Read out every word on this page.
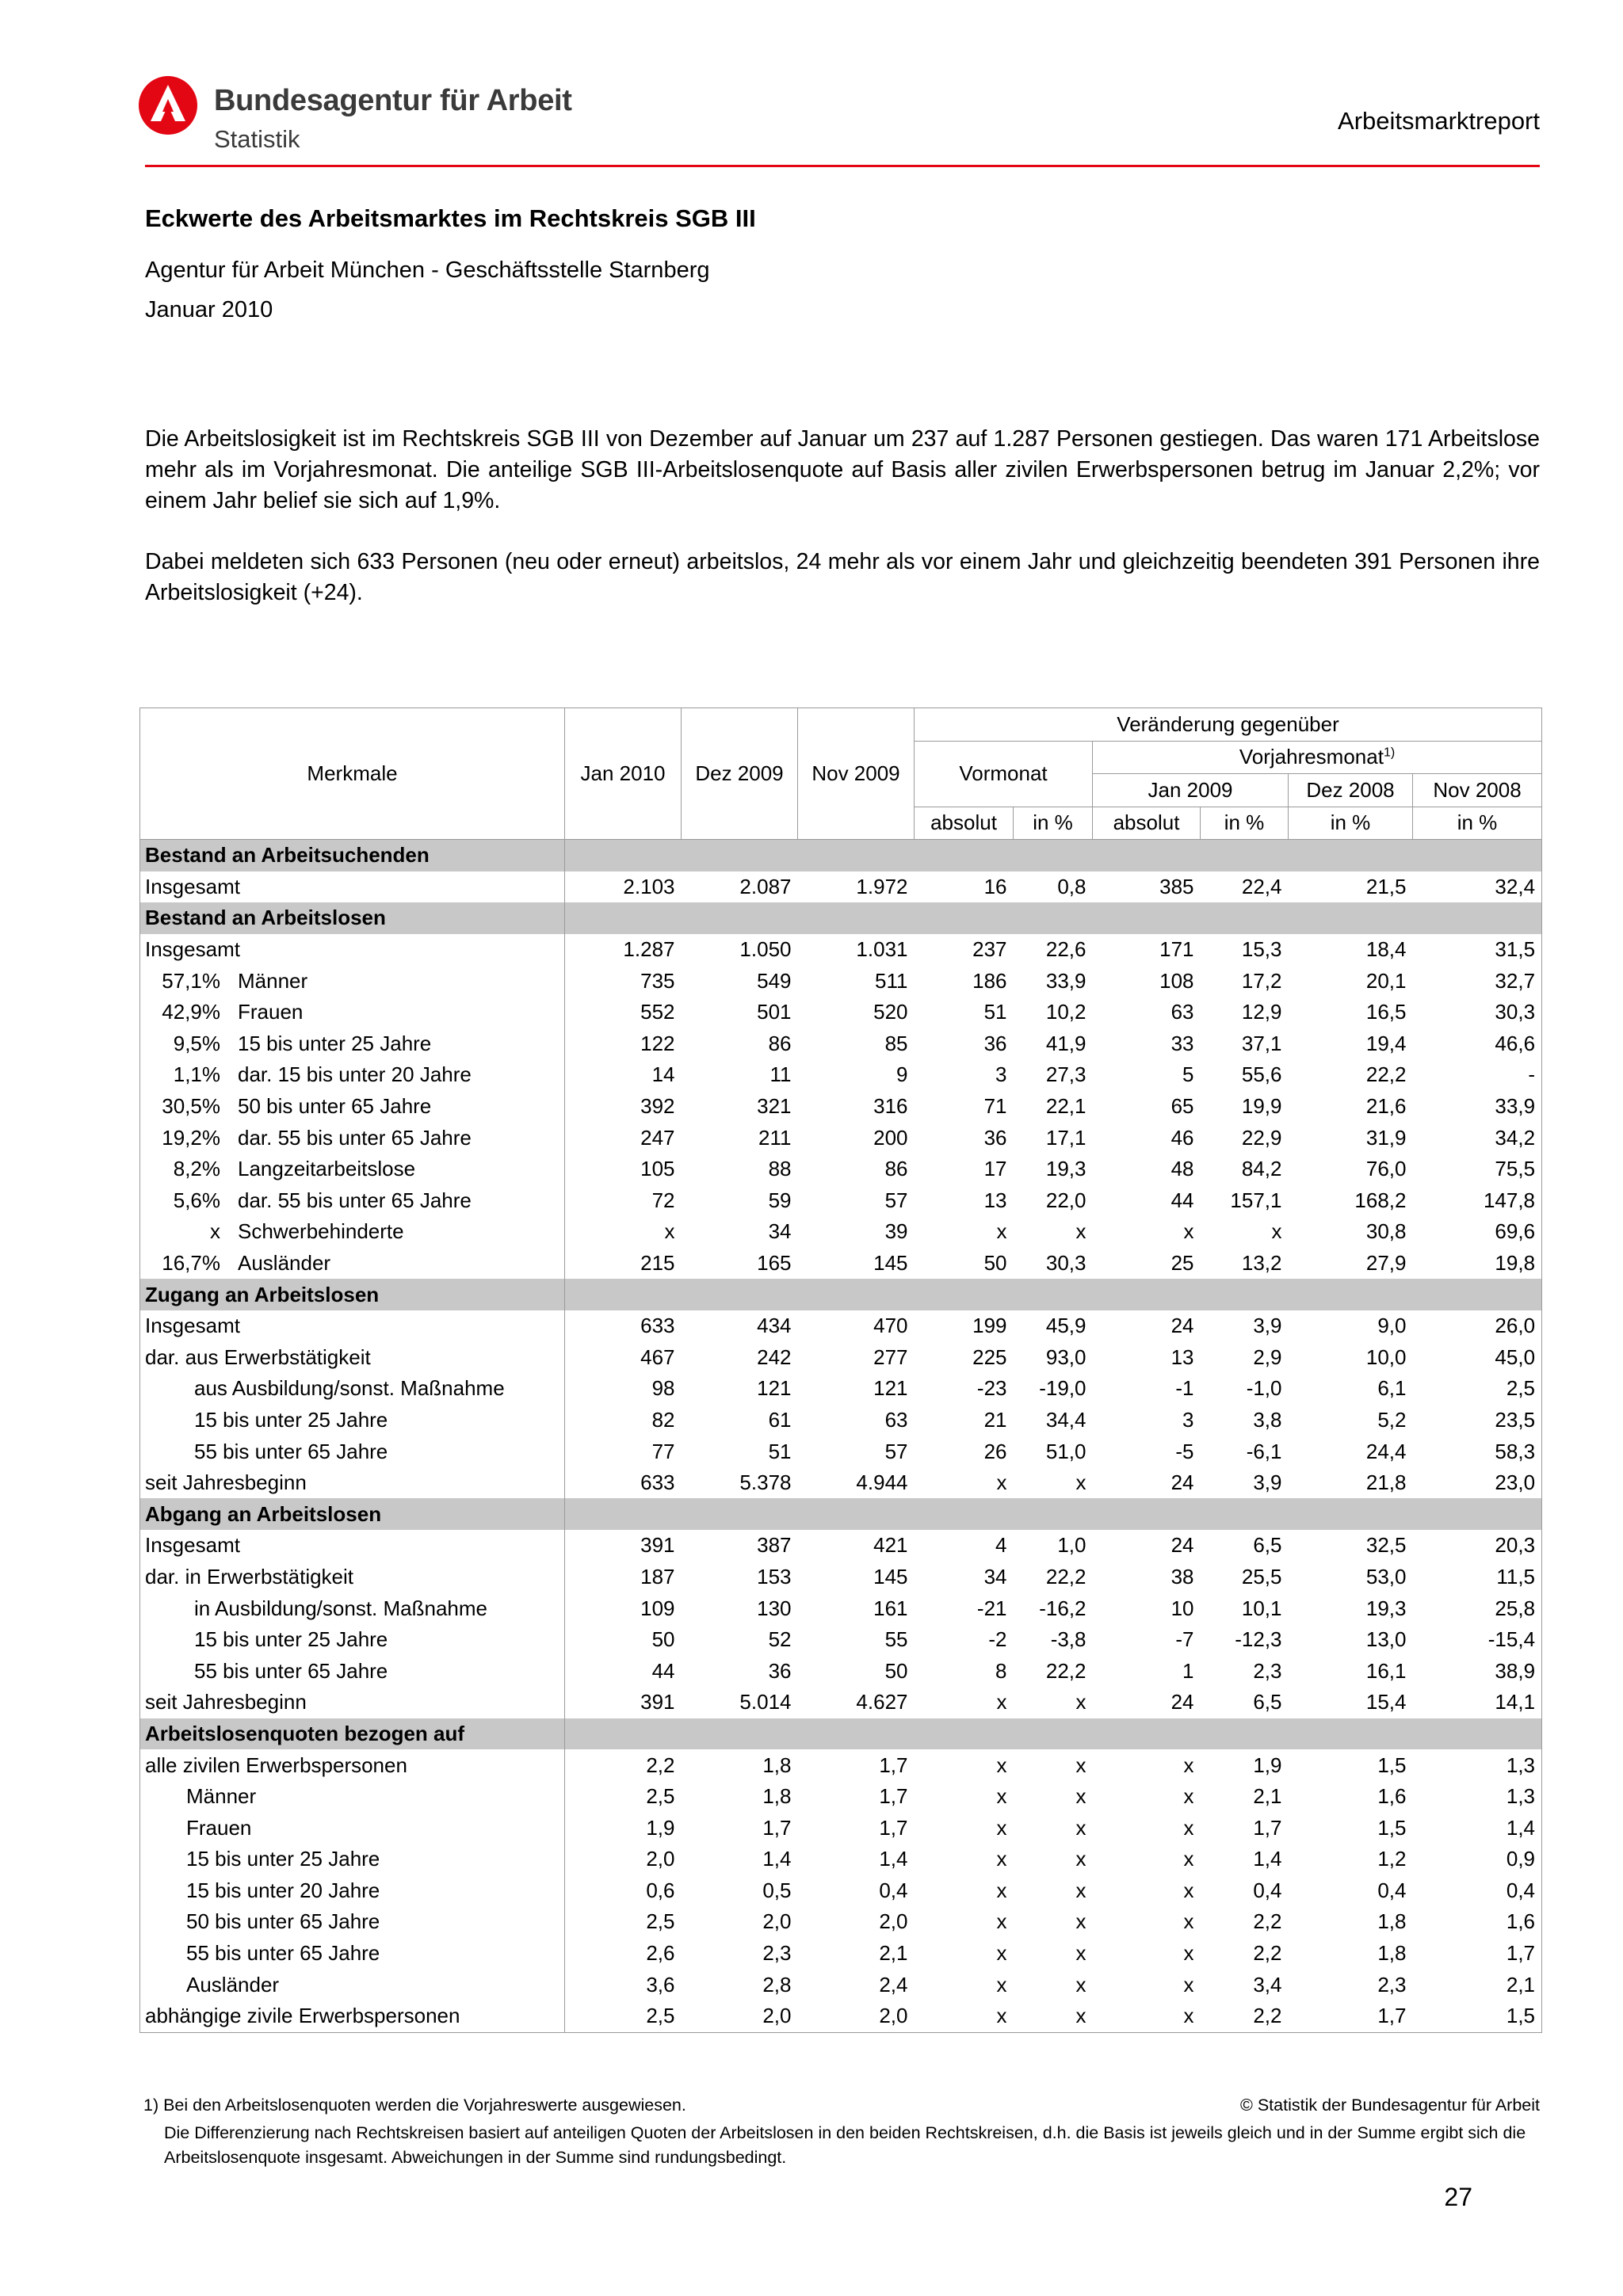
Bundesagentur für Arbeit
Statistik
Arbeitsmarktreport
Eckwerte des Arbeitsmarktes im Rechtskreis SGB III
Agentur für Arbeit München - Geschäftsstelle Starnberg
Januar 2010
Die Arbeitslosigkeit ist im Rechtskreis SGB III von Dezember auf Januar um 237 auf 1.287 Personen gestiegen. Das waren 171 Arbeitslose mehr als im Vorjahresmonat. Die anteilige SGB III-Arbeitslosenquote auf Basis aller zivilen Erwerbspersonen betrug im Januar 2,2%; vor einem Jahr belief sie sich auf 1,9%.
Dabei meldeten sich 633 Personen (neu oder erneut) arbeitslos, 24 mehr als vor einem Jahr und gleichzeitig beendeten 391 Personen ihre Arbeitslosigkeit (+24).
Merkmale	Jan 2010	Dez 2009	Nov 2009	Veränderung gegenüber					
				Vormonat		Vorjahresmonat$^{1)}$
						Jan 2009		Dez 2008	Nov 2008
				absolut	in %	absolut	in %	in %	in %
Bestand an Arbeitsuchenden									
Insgesamt	2.103	2.087	1.972	16	0,8	385	22,4	21,5	32,4
Bestand an Arbeitslosen									
Insgesamt	1.287	1.050	1.031	237	22,6	171	15,3	18,4	31,5
57,1% Männer	735	549	511	186	33,9	108	17,2	20,1	32,7
42,9% Frauen	552	501	520	51	10,2	63	12,9	16,5	30,3
9,5% 15 bis unter 25 Jahre	122	86	85	36	41,9	33	37,1	19,4	46,6
1,1% dar. 15 bis unter 20 Jahre	14	11	9	3	27,3	5	55,6	22,2	-
30,5% 50 bis unter 65 Jahre	392	321	316	71	22,1	65	19,9	21,6	33,9
19,2% dar. 55 bis unter 65 Jahre	247	211	200	36	17,1	46	22,9	31,9	34,2
8,2% Langzeitarbeitslose	105	88	86	17	19,3	48	84,2	76,0	75,5
5,6% dar. 55 bis unter 65 Jahre	72	59	57	13	22,0	44	157,1	168,2	147,8
x Schwerbehinderte	x	34	39	x	x	x	x	30,8	69,6
16,7% Ausländer	215	165	145	50	30,3	25	13,2	27,9	19,8
Zugang an Arbeitslosen									
Insgesamt	633	434	470	199	45,9	24	3,9	9,0	26,0
dar. aus Erwerbstätigkeit	467	242	277	225	93,0	13	2,9	10,0	45,0
aus Ausbildung/sonst. Maßnahme	98	121	121	-23	-19,0	-1	-1,0	6,1	2,5
15 bis unter 25 Jahre	82	61	63	21	34,4	3	3,8	5,2	23,5
55 bis unter 65 Jahre	77	51	57	26	51,0	-5	-6,1	24,4	58,3
seit Jahresbeginn	633	5.378	4.944	x	x	24	3,9	21,8	23,0
Abgang an Arbeitslosen									
Insgesamt	391	387	421	4	1,0	24	6,5	32,5	20,3
dar. in Erwerbstätigkeit	187	153	145	34	22,2	38	25,5	53,0	11,5
in Ausbildung/sonst. Maßnahme	109	130	161	-21	-16,2	10	10,1	19,3	25,8
15 bis unter 25 Jahre	50	52	55	-2	-3,8	-7	-12,3	13,0	-15,4
55 bis unter 65 Jahre	44	36	50	8	22,2	1	2,3	16,1	38,9
seit Jahresbeginn	391	5.014	4.627	x	x	24	6,5	15,4	14,1
Arbeitslosenquoten bezogen auf									
alle zivilen Erwerbspersonen	2,2	1,8	1,7	x	x	x	1,9	1,5	1,3
Männer	2,5	1,8	1,7	x	x	x	2,1	1,6	1,3
Frauen	1,9	1,7	1,7	x	x	x	1,7	1,5	1,4
15 bis unter 25 Jahre	2,0	1,4	1,4	x	x	x	1,4	1,2	0,9
15 bis unter 20 Jahre	0,6	0,5	0,4	x	x	x	0,4	0,4	0,4
50 bis unter 65 Jahre	2,5	2,0	2,0	x	x	x	2,2	1,8	1,6
55 bis unter 65 Jahre	2,6	2,3	2,1	x	x	x	2,2	1,8	1,7
Ausländer	3,6	2,8	2,4	x	x	x	3,4	2,3	2,1
abhängige zivile Erwerbspersonen	2,5	2,0	2,0	x	x	x	2,2	1,7	1,5
1) Bei den Arbeitslosenquoten werden die Vorjahreswerte ausgewiesen.	© Statistik der Bundesagentur für Arbeit
Die Differenzierung nach Rechtskreisen basiert auf anteiligen Quoten der Arbeitslosen in den beiden Rechtskreisen, d.h. die Basis ist jeweils gleich und in der Summe ergibt sich die Arbeitslosenquote insgesamt. Abweichungen in der Summe sind rundungsbedingt.
27
